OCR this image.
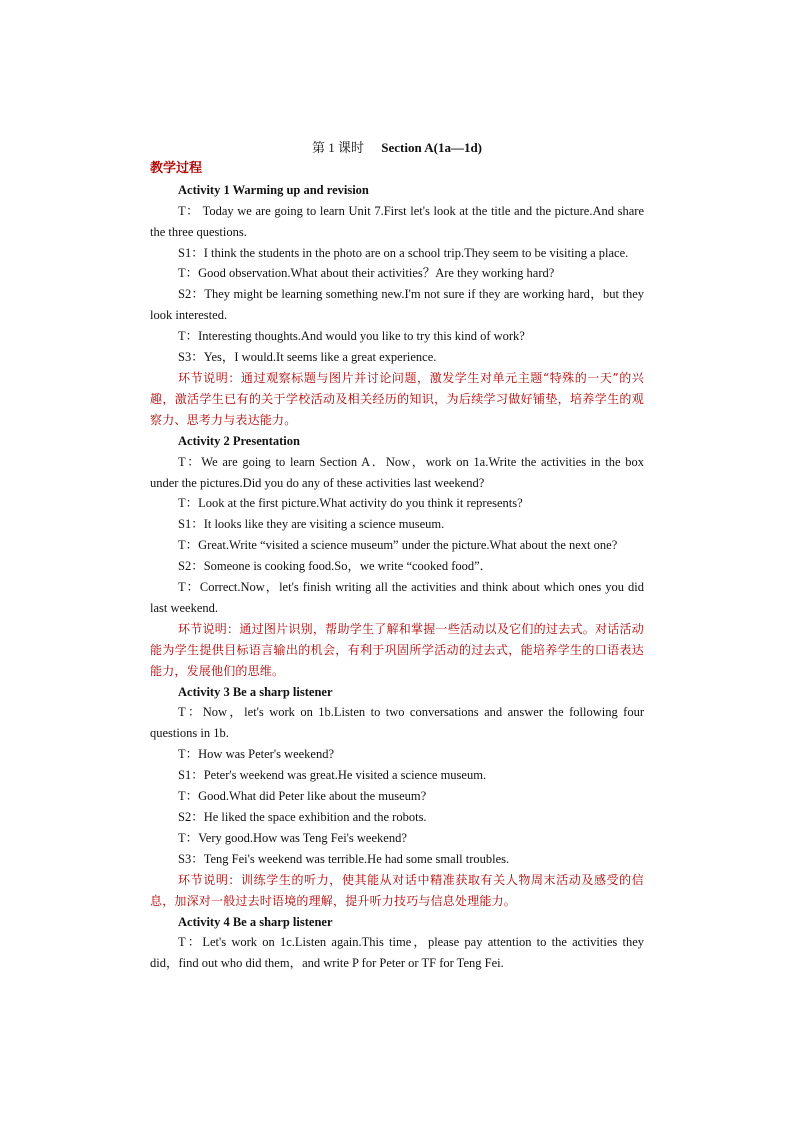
第 1 课时 Section A(1a—1d)
教学过程
Activity 1 Warming up and revision
T： Today we are going to learn Unit 7.First let's look at the title and the picture.And share the three questions.
S1：I think the students in the photo are on a school trip.They seem to be visiting a place.
T：Good observation.What about their activities？Are they working hard?
S2：They might be learning something new.I'm not sure if they are working hard，but they look interested.
T：Interesting thoughts.And would you like to try this kind of work?
S3：Yes，I would.It seems like a great experience.
环节说明：通过观察标题与图片并讨论问题，激发学生对单元主题“特殊的一天”的兴趣，激活学生已有的关于学校活动及相关经历的知识，为后续学习做好铺垫，培养学生的观察力、思考力与表达能力。
Activity 2 Presentation
T：We are going to learn Section A．Now，work on 1a.Write the activities in the box under the pictures.Did you do any of these activities last weekend?
T：Look at the first picture.What activity do you think it represents?
S1：It looks like they are visiting a science museum.
T：Great.Write “visited a science museum” under the picture.What about the next one?
S2：Someone is cooking food.So，we write “cooked food”．
T：Correct.Now，let's finish writing all the activities and think about which ones you did last weekend.
环节说明：通过图片识别，帮助学生了解和掌握一些活动以及它们的过去式。对话活动能为学生提供目标语言输出的机会，有利于巩固所学活动的过去式，能培养学生的口语表达能力，发展他们的思维。
Activity 3 Be a sharp listener
T：Now，let's work on 1b.Listen to two conversations and answer the following four questions in 1b.
T：How was Peter's weekend?
S1：Peter's weekend was great.He visited a science museum.
T：Good.What did Peter like about the museum?
S2：He liked the space exhibition and the robots.
T：Very good.How was Teng Fei's weekend?
S3：Teng Fei's weekend was terrible.He had some small troubles.
环节说明：训练学生的听力，使其能从对话中精准获取有关人物周末活动及感受的信息，加深对一般过去时语境的理解，提升听力技巧与信息处理能力。
Activity 4 Be a sharp listener
T：Let's work on 1c.Listen again.This time，please pay attention to the activities they did，find out who did them，and write P for Peter or TF for Teng Fei.
